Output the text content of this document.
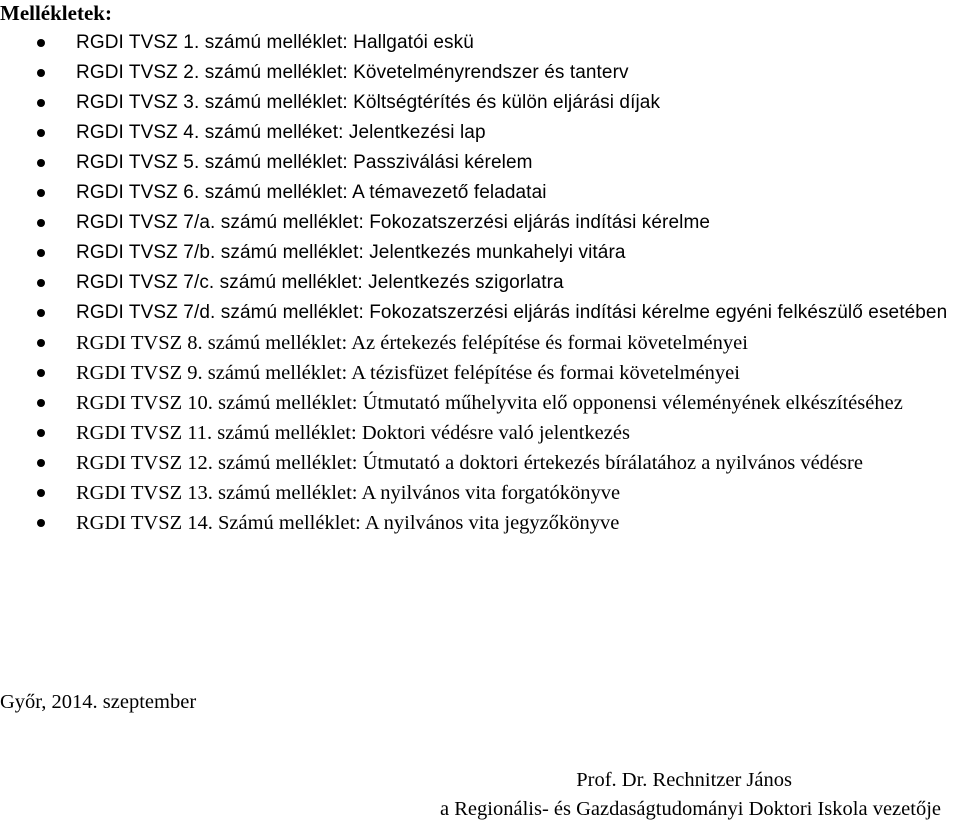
Mellékletek:

RGDI TVSZ 1. számú melléklet: Hallgatói eskü
RGDI TVSZ 2. számú melléklet: Követelményrendszer és tanterv
RGDI TVSZ 3. számú melléklet: Költségtérítés és külön eljárási díjak
RGDI TVSZ 4. számú melléket: Jelentkezési lap
RGDI TVSZ 5. számú melléklet: Passziválási kérelem
RGDI TVSZ 6. számú melléklet: A témavezető feladatai
RGDI TVSZ 7/a. számú melléklet: Fokozatszerzési eljárás indítási kérelme
RGDI TVSZ 7/b. számú melléklet: Jelentkezés munkahelyi vitára
RGDI TVSZ 7/c. számú melléklet: Jelentkezés szigorlatra
RGDI TVSZ 7/d. számú melléklet: Fokozatszerzési eljárás indítási kérelme egyéni felkészülő esetében
RGDI TVSZ 8. számú melléklet: Az értekezés felépítése és formai követelményei
RGDI TVSZ 9. számú melléklet: A tézisfüzet felépítése és formai követelményei
RGDI TVSZ 10. számú melléklet: Útmutató műhelyvita elő opponensi véleményének elkészítéséhez
RGDI TVSZ 11. számú melléklet: Doktori védésre való jelentkezés
RGDI TVSZ 12. számú melléklet: Útmutató a doktori értekezés bírálatához a nyilvános védésre
RGDI TVSZ 13. számú melléklet: A nyilvános vita forgatókönyve
RGDI TVSZ 14. Számú melléklet: A nyilvános vita jegyzőkönyve

Győr, 2014. szeptember

Prof. Dr. Rechnitzer János

a Regionális- és Gazdaságtudományi Doktori Iskola vezetője
